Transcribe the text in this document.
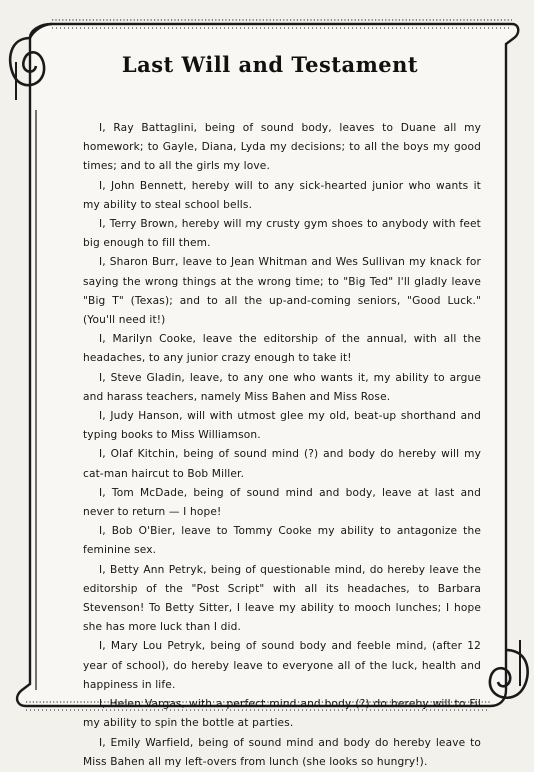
Last Will and Testament

I, Ray Battaglini, being of sound body, leaves to Duane all my homework; to Gayle, Diana, Lyda my decisions; to all the boys my good times; and to all the girls my love.

I, John Bennett, hereby will to any sick-hearted junior who wants it my ability to steal school bells.

I, Terry Brown, hereby will my crusty gym shoes to anybody with feet big enough to fill them.

I, Sharon Burr, leave to Jean Whitman and Wes Sullivan my knack for saying the wrong things at the wrong time; to "Big Ted" I'll gladly leave "Big T" (Texas); and to all the up-and-coming seniors, "Good Luck." (You'll need it!)

I, Marilyn Cooke, leave the editorship of the annual, with all the headaches, to any junior crazy enough to take it!

I, Steve Gladin, leave, to any one who wants it, my ability to argue and harass teachers, namely Miss Bahen and Miss Rose.

I, Judy Hanson, will with utmost glee my old, beat-up shorthand and typing books to Miss Williamson.

I, Olaf Kitchin, being of sound mind (?) and body do hereby will my cat-man haircut to Bob Miller.

I, Tom McDade, being of sound mind and body, leave at last and never to return — I hope!

I, Bob O'Bier, leave to Tommy Cooke my ability to antagonize the feminine sex.

I, Betty Ann Petryk, being of questionable mind, do hereby leave the editorship of the "Post Script" with all its headaches, to Barbara Stevenson! To Betty Sitter, I leave my ability to mooch lunches; I hope she has more luck than I did.

I, Mary Lou Petryk, being of sound body and feeble mind, (after 12 year of school), do hereby leave to everyone all of the luck, health and happiness in life.

I, Helen Vargas, with a perfect mind and body (?) do hereby will to Fil my ability to spin the bottle at parties.

I, Emily Warfield, being of sound mind and body do hereby leave to Miss Bahen all my left-overs from lunch (she looks so hungry!).
